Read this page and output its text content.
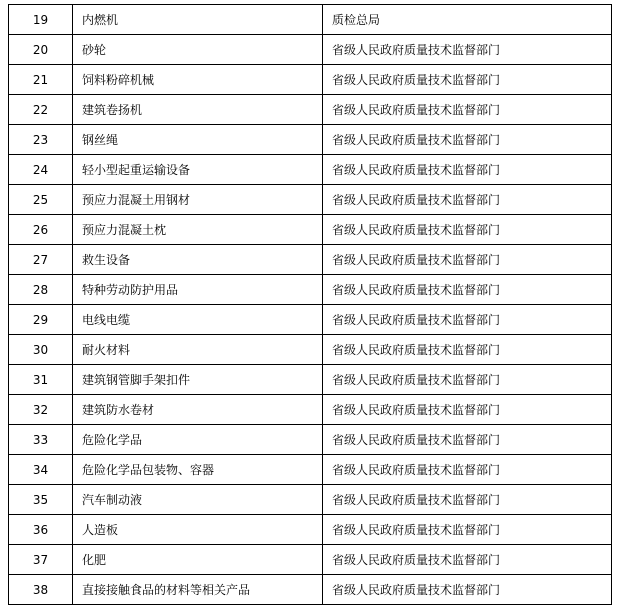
19	内燃机	质检总局
20	砂轮	省级人民政府质量技术监督部门
21	饲料粉碎机械	省级人民政府质量技术监督部门
22	建筑卷扬机	省级人民政府质量技术监督部门
23	钢丝绳	省级人民政府质量技术监督部门
24	轻小型起重运输设备	省级人民政府质量技术监督部门
25	预应力混凝土用钢材	省级人民政府质量技术监督部门
26	预应力混凝土枕	省级人民政府质量技术监督部门
27	救生设备	省级人民政府质量技术监督部门
28	特种劳动防护用品	省级人民政府质量技术监督部门
29	电线电缆	省级人民政府质量技术监督部门
30	耐火材料	省级人民政府质量技术监督部门
31	建筑钢管脚手架扣件	省级人民政府质量技术监督部门
32	建筑防水卷材	省级人民政府质量技术监督部门
33	危险化学品	省级人民政府质量技术监督部门
34	危险化学品包装物、容器	省级人民政府质量技术监督部门
35	汽车制动液	省级人民政府质量技术监督部门
36	人造板	省级人民政府质量技术监督部门
37	化肥	省级人民政府质量技术监督部门
38	直接接触食品的材料等相关产品	省级人民政府质量技术监督部门
